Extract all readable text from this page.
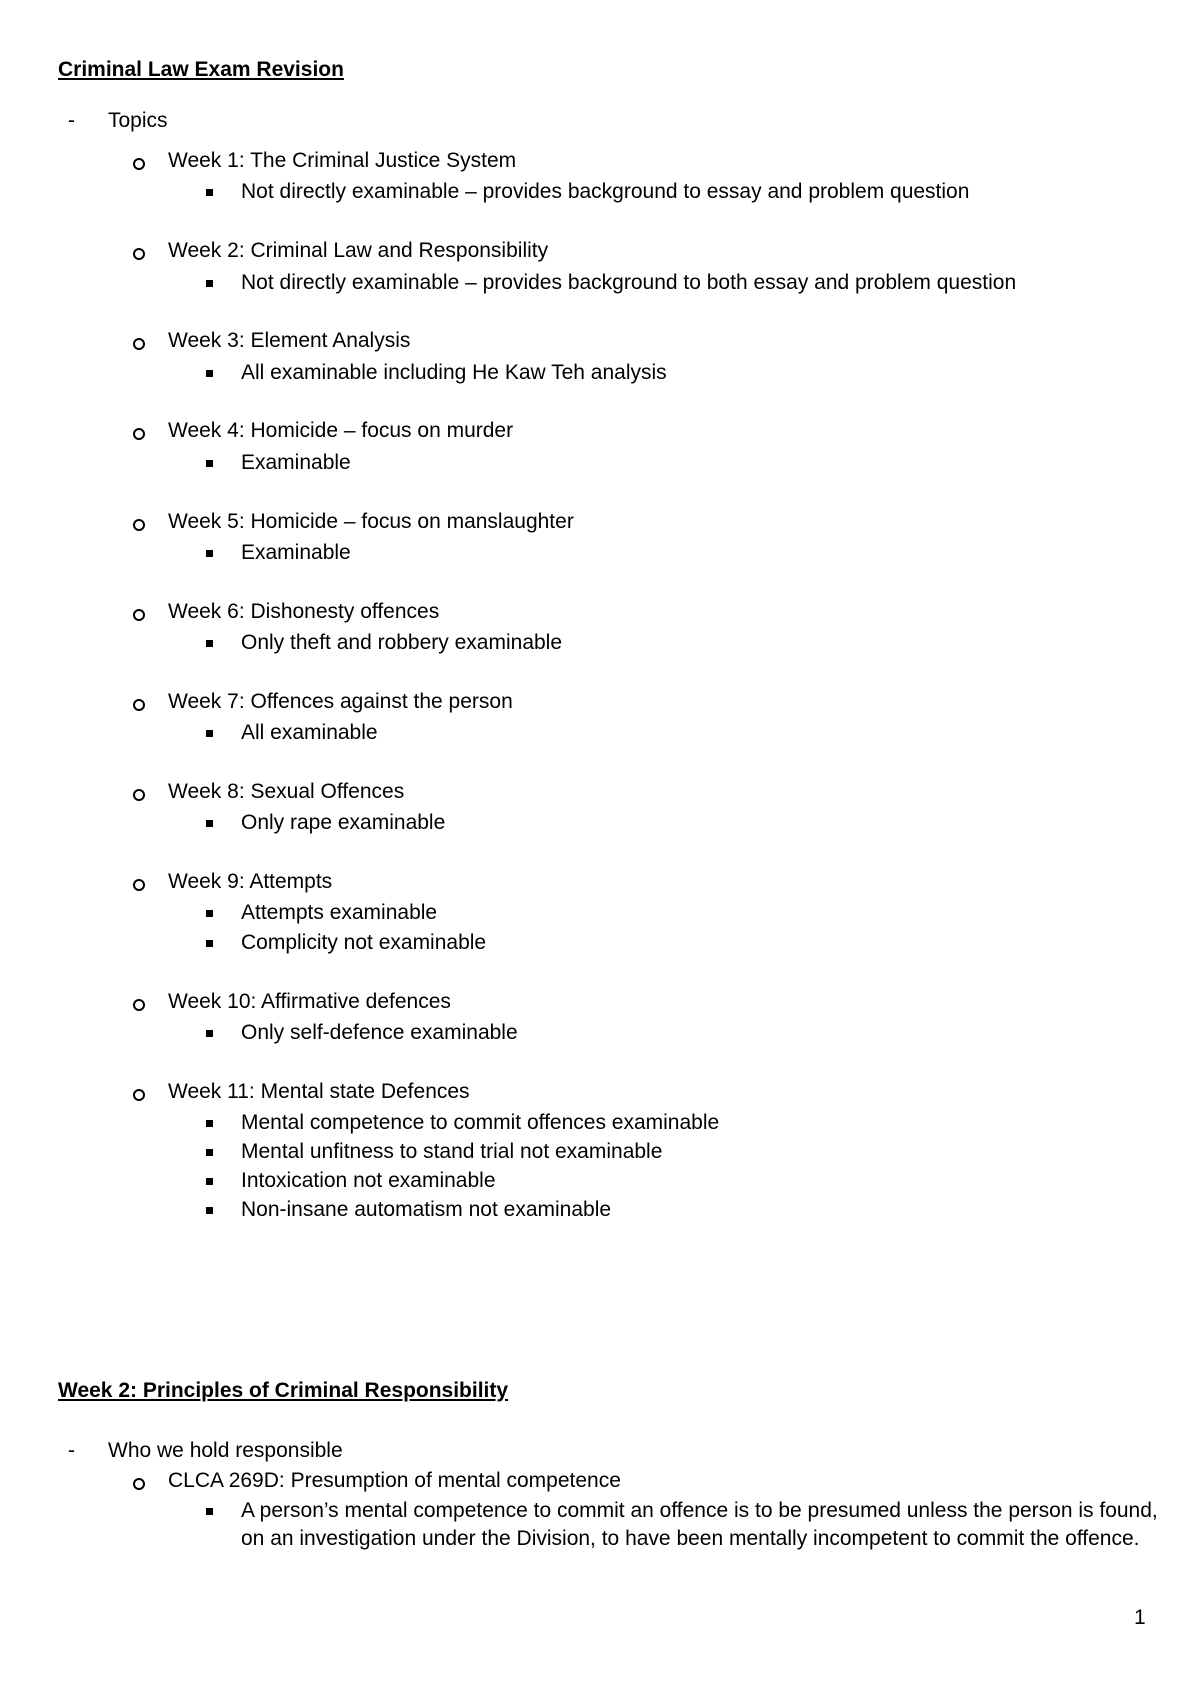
Criminal Law Exam Revision
- Topics
Week 1: The Criminal Justice System
Not directly examinable – provides background to essay and problem question
Week 2: Criminal Law and Responsibility
Not directly examinable – provides background to both essay and problem question
Week 3: Element Analysis
All examinable including He Kaw Teh analysis
Week 4: Homicide – focus on murder
Examinable
Week 5: Homicide – focus on manslaughter
Examinable
Week 6: Dishonesty offences
Only theft and robbery examinable
Week 7: Offences against the person
All examinable
Week 8: Sexual Offences
Only rape examinable
Week 9: Attempts
Attempts examinable
Complicity not examinable
Week 10: Affirmative defences
Only self-defence examinable
Week 11: Mental state Defences
Mental competence to commit offences examinable
Mental unfitness to stand trial not examinable
Intoxication not examinable
Non-insane automatism not examinable
Week 2: Principles of Criminal Responsibility
- Who we hold responsible
CLCA 269D: Presumption of mental competence
A person’s mental competence to commit an offence is to be presumed unless the person is found, on an investigation under the Division, to have been mentally incompetent to commit the offence.
1
